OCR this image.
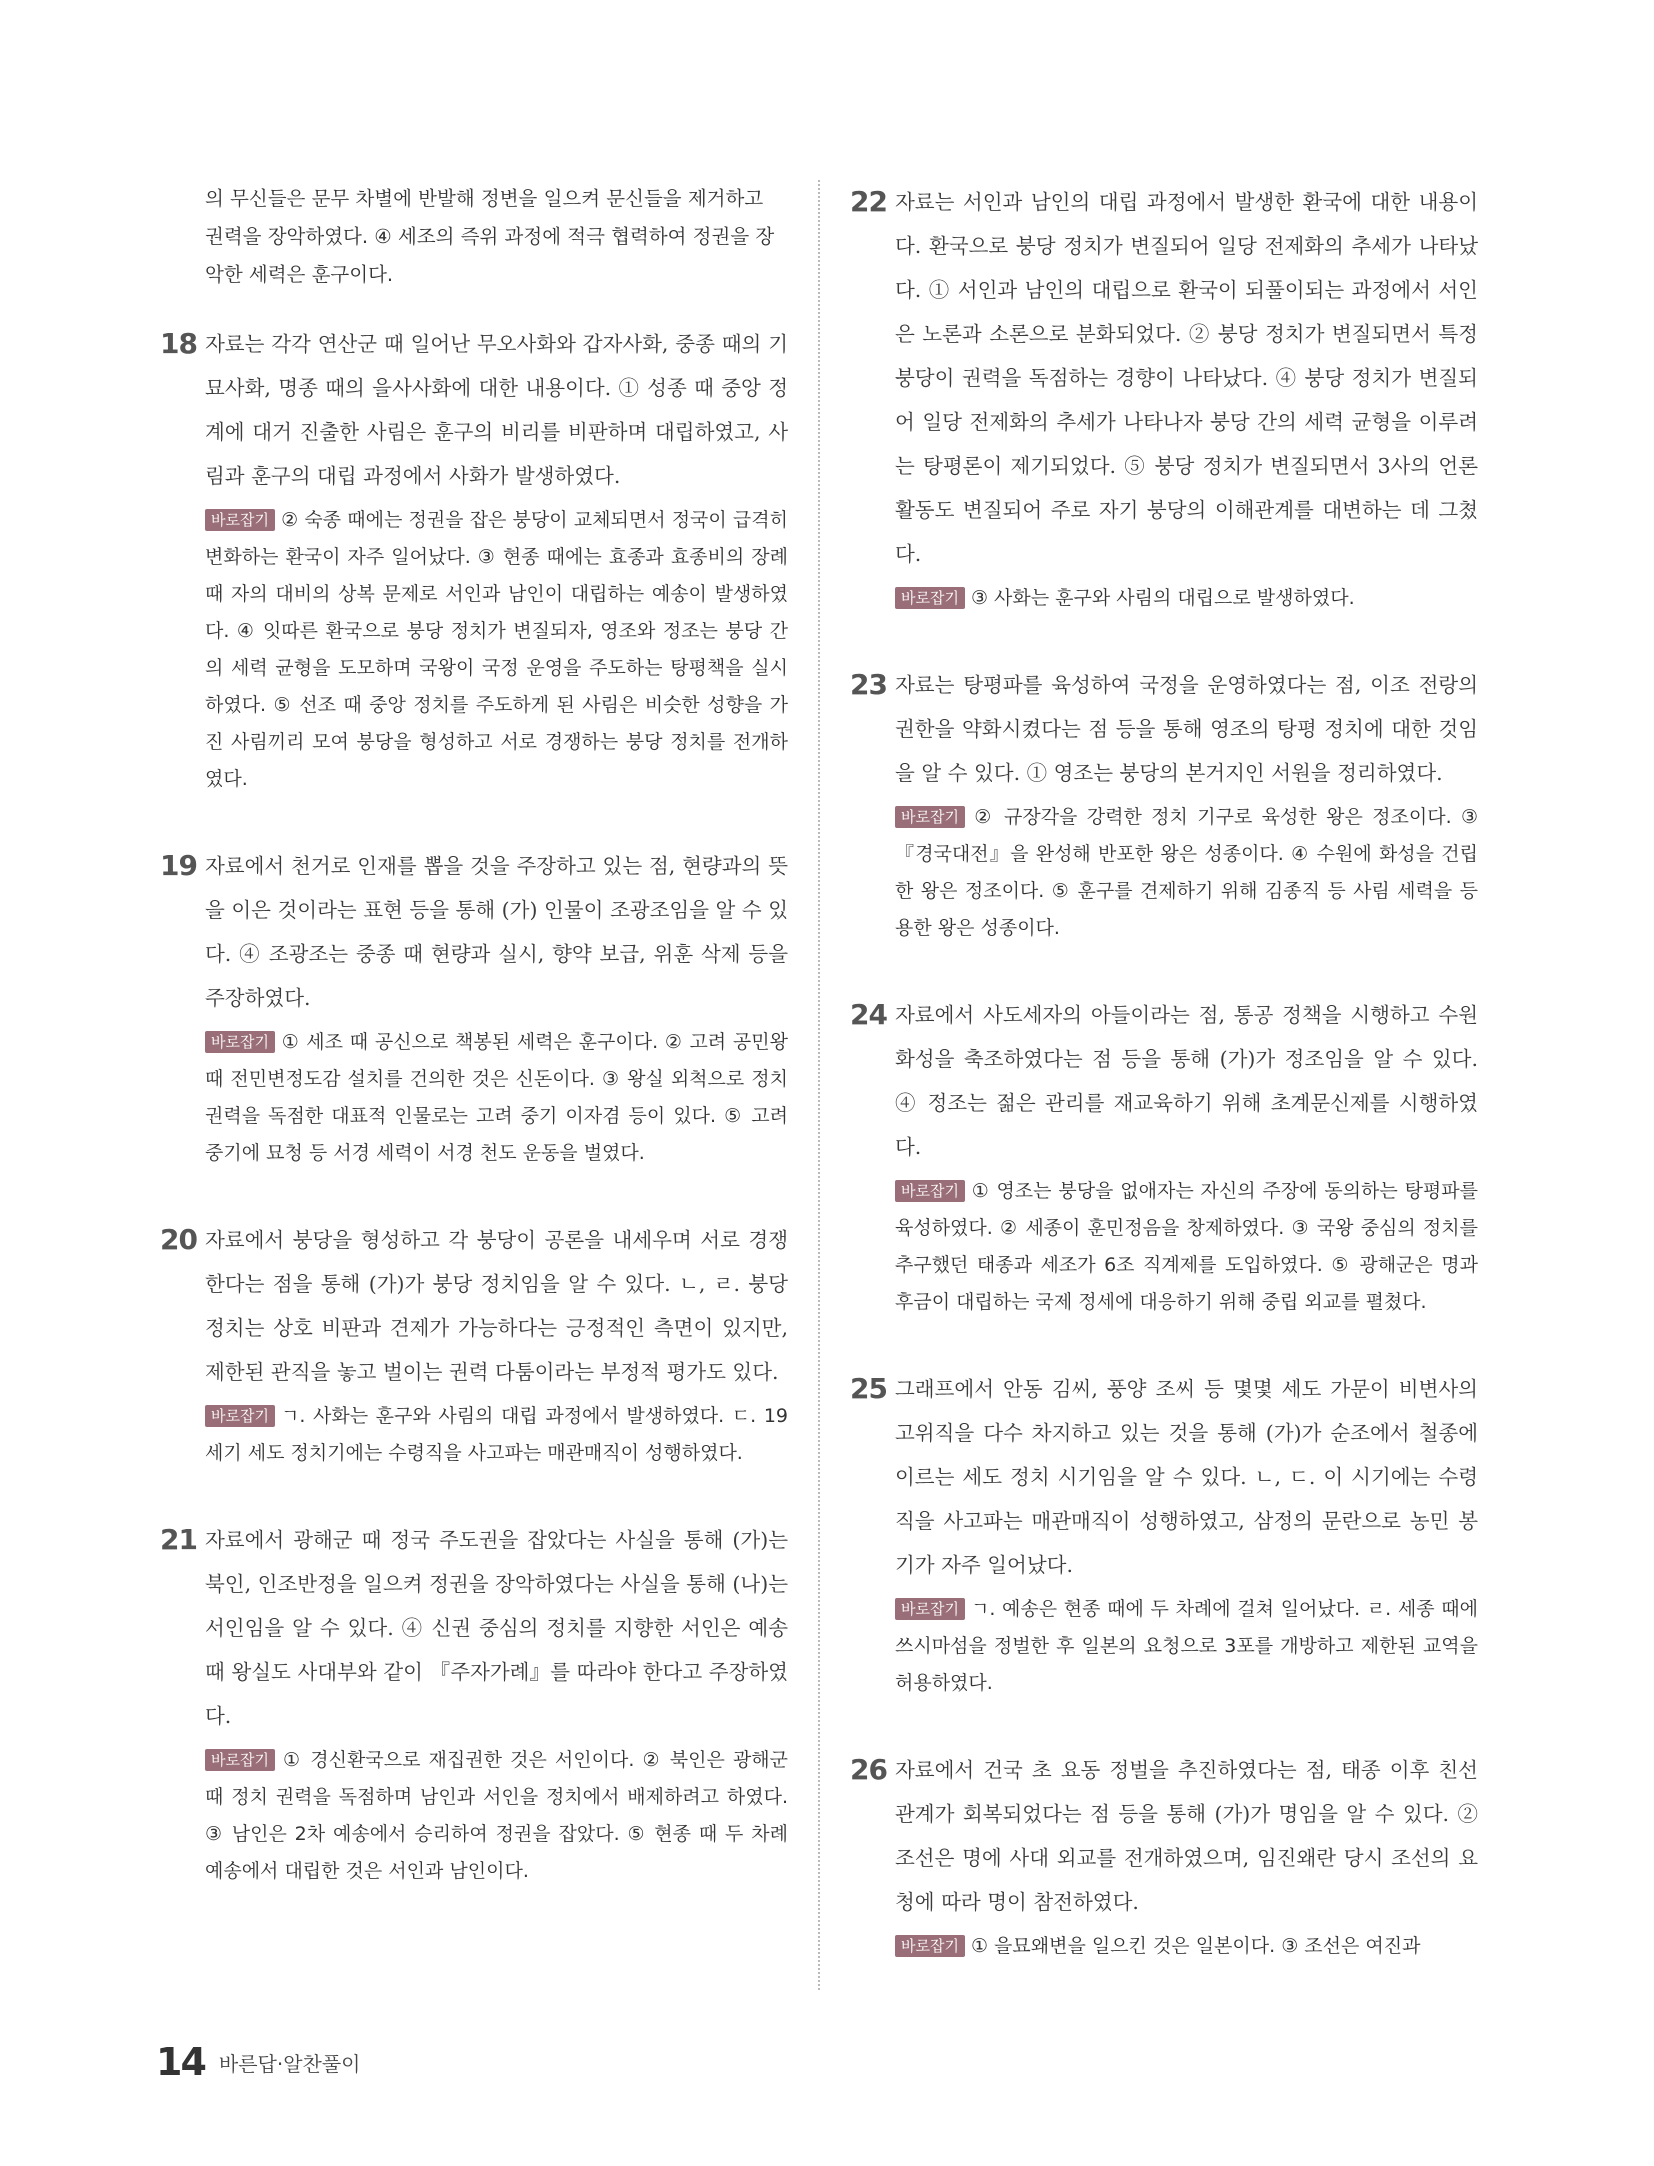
의 무신들은 문무 차별에 반발해 정변을 일으켜 문신들을 제거하고 권력을 장악하였다. ④ 세조의 즉위 과정에 적극 협력하여 정권을 장악한 세력은 훈구이다.

18 자료는 각각 연산군 때 일어난 무오사화와 갑자사화, 중종 때의 기묘사화, 명종 때의 을사사화에 대한 내용이다. ① 성종 때 중앙 정계에 대거 진출한 사림은 훈구의 비리를 비판하며 대립하였고, 사림과 훈구의 대립 과정에서 사화가 발생하였다.

바로잡기 ② 숙종 때에는 정권을 잡은 붕당이 교체되면서 정국이 급격히 변화하는 환국이 자주 일어났다. ③ 현종 때에는 효종과 효종비의 장례 때 자의 대비의 상복 문제로 서인과 남인이 대립하는 예송이 발생하였다. ④ 잇따른 환국으로 붕당 정치가 변질되자, 영조와 정조는 붕당 간의 세력 균형을 도모하며 국왕이 국정 운영을 주도하는 탕평책을 실시하였다. ⑤ 선조 때 중앙 정치를 주도하게 된 사림은 비슷한 성향을 가진 사림끼리 모여 붕당을 형성하고 서로 경쟁하는 붕당 정치를 전개하였다.

19 자료에서 천거로 인재를 뽑을 것을 주장하고 있는 점, 현량과의 뜻을 이은 것이라는 표현 등을 통해 (가) 인물이 조광조임을 알 수 있다. ④ 조광조는 중종 때 현량과 실시, 향약 보급, 위훈 삭제 등을 주장하였다.

바로잡기 ① 세조 때 공신으로 책봉된 세력은 훈구이다. ② 고려 공민왕 때 전민변정도감 설치를 건의한 것은 신돈이다. ③ 왕실 외척으로 정치 권력을 독점한 대표적 인물로는 고려 중기 이자겸 등이 있다. ⑤ 고려 중기에 묘청 등 서경 세력이 서경 천도 운동을 벌였다.

20 자료에서 붕당을 형성하고 각 붕당이 공론을 내세우며 서로 경쟁한다는 점을 통해 (가)가 붕당 정치임을 알 수 있다. ㄴ, ㄹ. 붕당 정치는 상호 비판과 견제가 가능하다는 긍정적인 측면이 있지만, 제한된 관직을 놓고 벌이는 권력 다툼이라는 부정적 평가도 있다.

바로잡기 ㄱ. 사화는 훈구와 사림의 대립 과정에서 발생하였다. ㄷ. 19세기 세도 정치기에는 수령직을 사고파는 매관매직이 성행하였다.

21 자료에서 광해군 때 정국 주도권을 잡았다는 사실을 통해 (가)는 북인, 인조반정을 일으켜 정권을 장악하였다는 사실을 통해 (나)는 서인임을 알 수 있다. ④ 신권 중심의 정치를 지향한 서인은 예송 때 왕실도 사대부와 같이 『주자가례』를 따라야 한다고 주장하였다.

바로잡기 ① 경신환국으로 재집권한 것은 서인이다. ② 북인은 광해군 때 정치 권력을 독점하며 남인과 서인을 정치에서 배제하려고 하였다. ③ 남인은 2차 예송에서 승리하여 정권을 잡았다. ⑤ 현종 때 두 차례 예송에서 대립한 것은 서인과 남인이다.

22 자료는 서인과 남인의 대립 과정에서 발생한 환국에 대한 내용이다. 환국으로 붕당 정치가 변질되어 일당 전제화의 추세가 나타났다. ① 서인과 남인의 대립으로 환국이 되풀이되는 과정에서 서인은 노론과 소론으로 분화되었다. ② 붕당 정치가 변질되면서 특정 붕당이 권력을 독점하는 경향이 나타났다. ④ 붕당 정치가 변질되어 일당 전제화의 추세가 나타나자 붕당 간의 세력 균형을 이루려는 탕평론이 제기되었다. ⑤ 붕당 정치가 변질되면서 3사의 언론 활동도 변질되어 주로 자기 붕당의 이해관계를 대변하는 데 그쳤다.

바로잡기 ③ 사화는 훈구와 사림의 대립으로 발생하였다.

23 자료는 탕평파를 육성하여 국정을 운영하였다는 점, 이조 전랑의 권한을 약화시켰다는 점 등을 통해 영조의 탕평 정치에 대한 것임을 알 수 있다. ① 영조는 붕당의 본거지인 서원을 정리하였다.

바로잡기 ② 규장각을 강력한 정치 기구로 육성한 왕은 정조이다. ③ 『경국대전』을 완성해 반포한 왕은 성종이다. ④ 수원에 화성을 건립한 왕은 정조이다. ⑤ 훈구를 견제하기 위해 김종직 등 사림 세력을 등용한 왕은 성종이다.

24 자료에서 사도세자의 아들이라는 점, 통공 정책을 시행하고 수원 화성을 축조하였다는 점 등을 통해 (가)가 정조임을 알 수 있다. ④ 정조는 젊은 관리를 재교육하기 위해 초계문신제를 시행하였다.

바로잡기 ① 영조는 붕당을 없애자는 자신의 주장에 동의하는 탕평파를 육성하였다. ② 세종이 훈민정음을 창제하였다. ③ 국왕 중심의 정치를 추구했던 태종과 세조가 6조 직계제를 도입하였다. ⑤ 광해군은 명과 후금이 대립하는 국제 정세에 대응하기 위해 중립 외교를 펼쳤다.

25 그래프에서 안동 김씨, 풍양 조씨 등 몇몇 세도 가문이 비변사의 고위직을 다수 차지하고 있는 것을 통해 (가)가 순조에서 철종에 이르는 세도 정치 시기임을 알 수 있다. ㄴ, ㄷ. 이 시기에는 수령직을 사고파는 매관매직이 성행하였고, 삼정의 문란으로 농민 봉기가 자주 일어났다.

바로잡기 ㄱ. 예송은 현종 때에 두 차례에 걸쳐 일어났다. ㄹ. 세종 때에 쓰시마섬을 정벌한 후 일본의 요청으로 3포를 개방하고 제한된 교역을 허용하였다.

26 자료에서 건국 초 요동 정벌을 추진하였다는 점, 태종 이후 친선 관계가 회복되었다는 점 등을 통해 (가)가 명임을 알 수 있다. ② 조선은 명에 사대 외교를 전개하였으며, 임진왜란 당시 조선의 요청에 따라 명이 참전하였다.

바로잡기 ① 을묘왜변을 일으킨 것은 일본이다. ③ 조선은 여진과

14 바른답·알찬풀이
